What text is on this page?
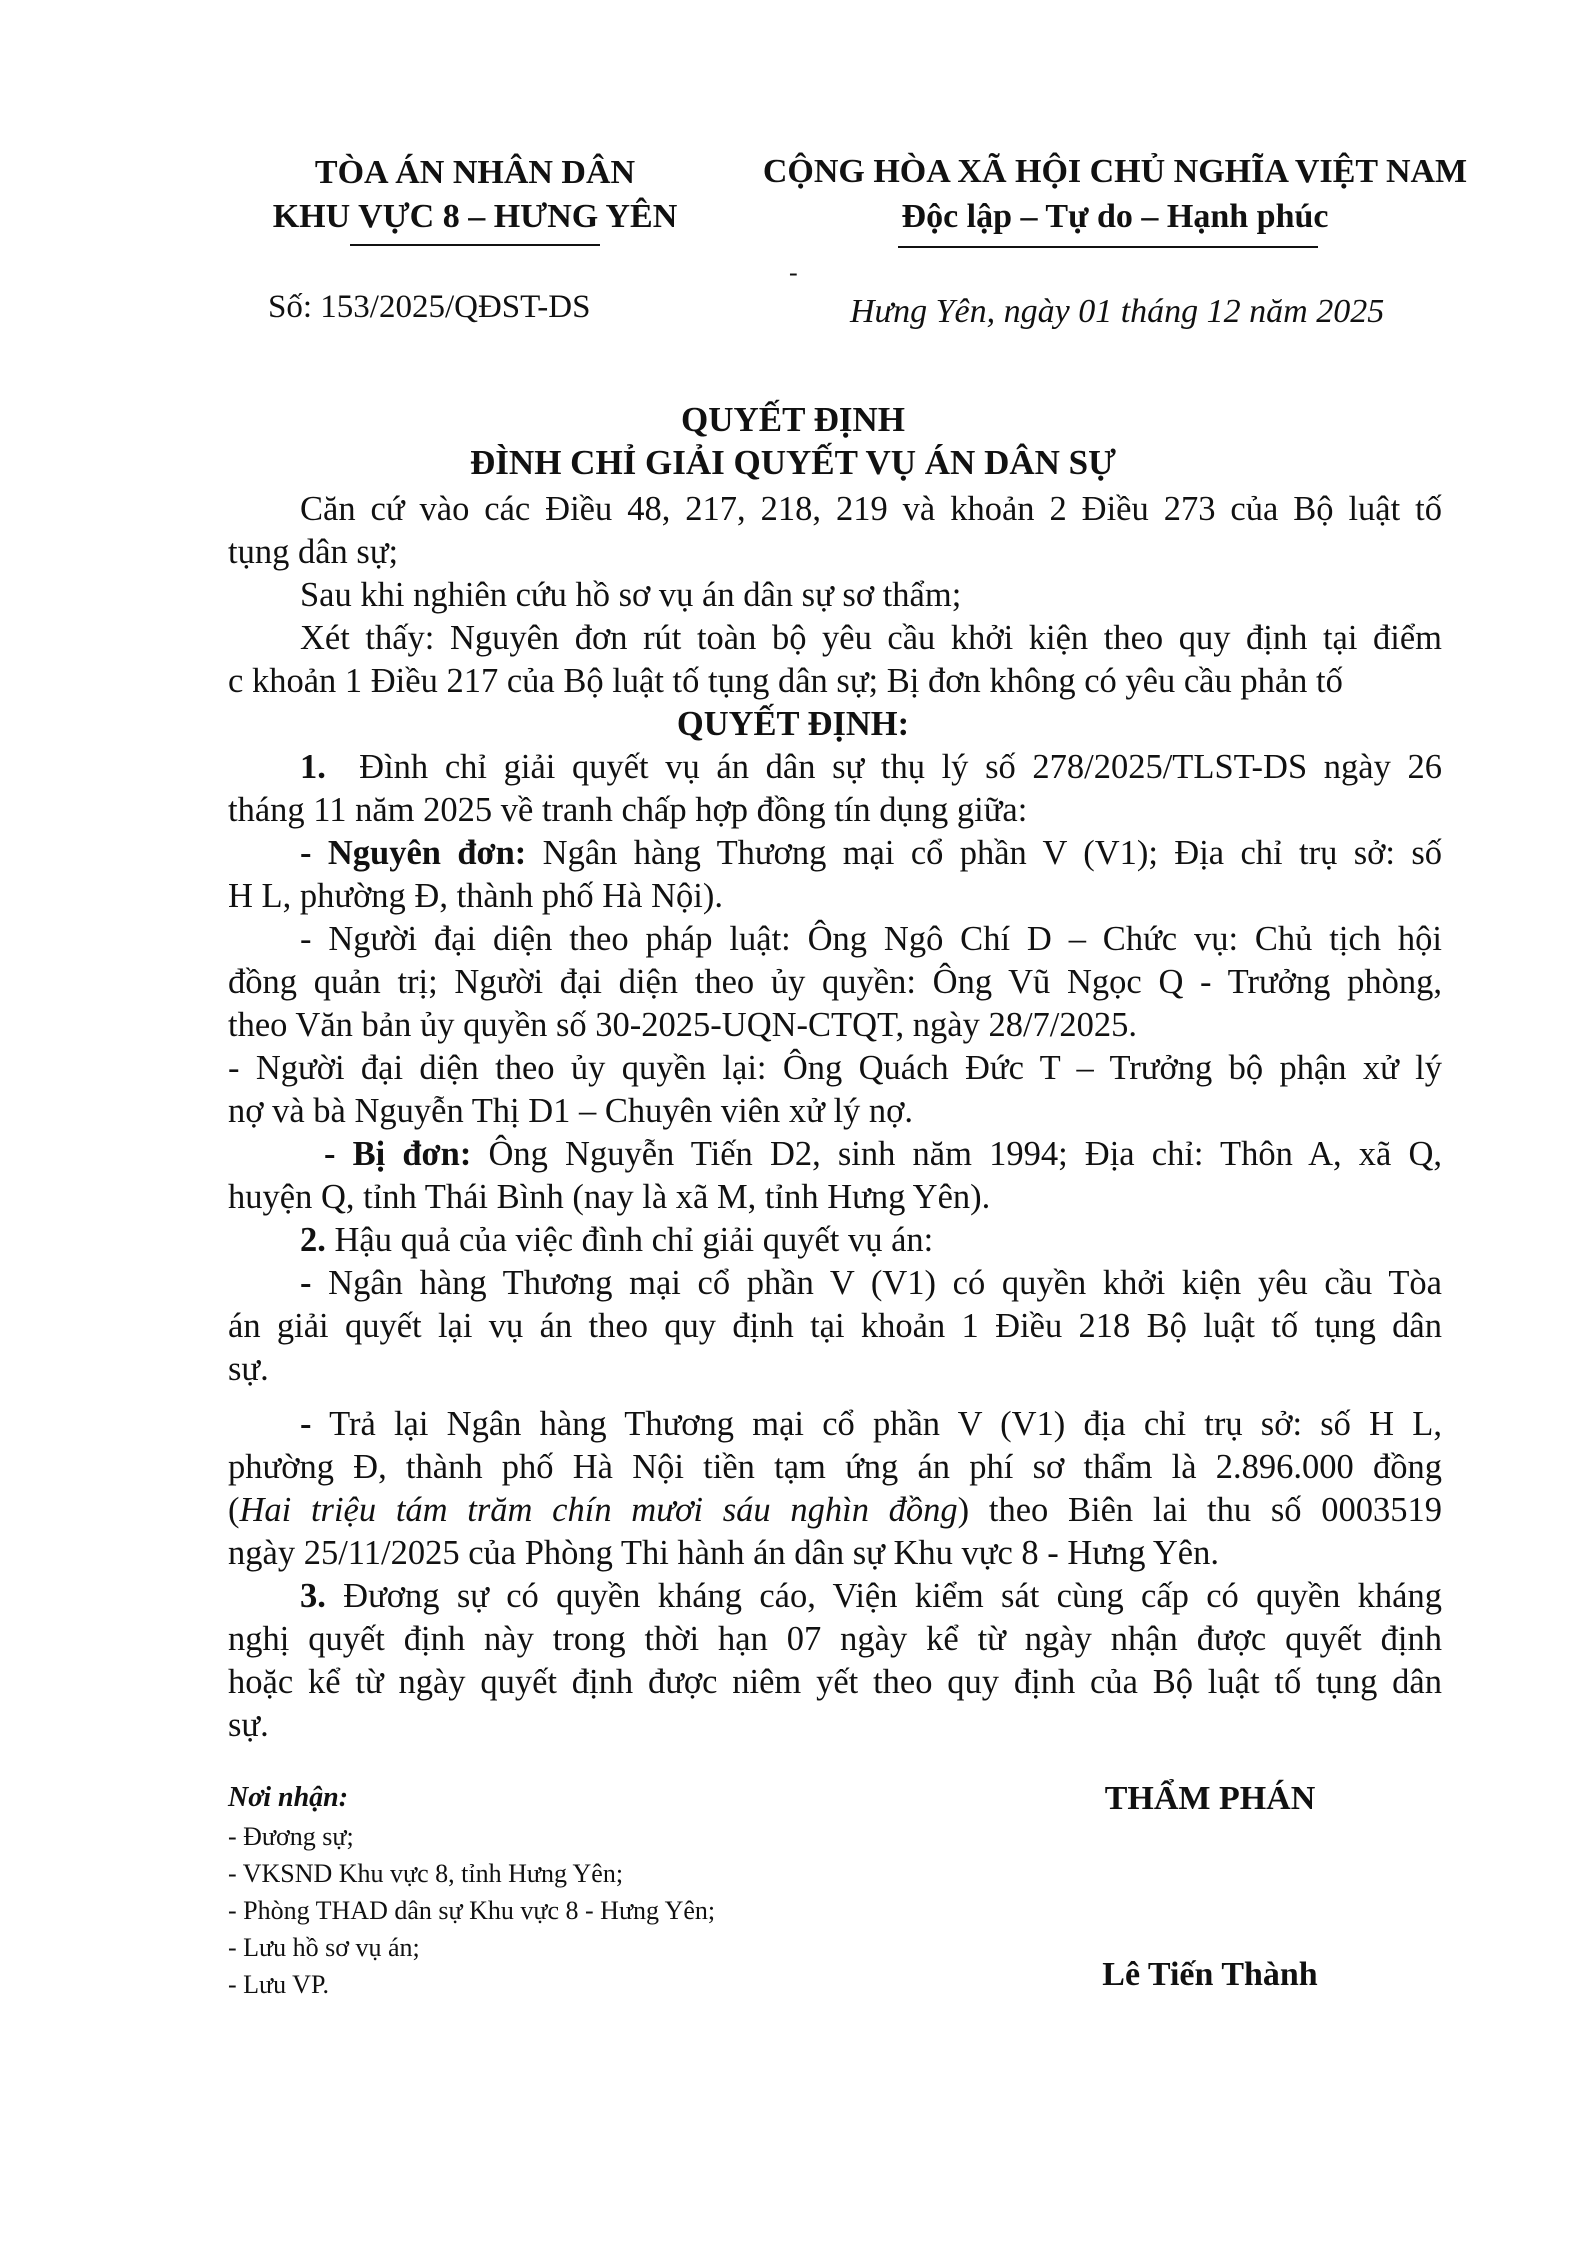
TÒA ÁN NHÂN DÂN
KHU VỰC 8 – HƯNG YÊN
Số: 153/2025/QĐST-DS
CỘNG HÒA XÃ HỘI CHỦ NGHĨA VIỆT NAM
Độc lập – Tự do – Hạnh phúc
-
Hưng Yên, ngày 01 tháng 12 năm 2025
QUYẾT ĐỊNH
ĐÌNH CHỈ GIẢI QUYẾT VỤ ÁN DÂN SỰ
Căn cứ vào các Điều 48, 217, 218, 219 và khoản 2 Điều 273 của Bộ luật tố
tụng dân sự;
Sau khi nghiên cứu hồ sơ vụ án dân sự sơ thẩm;
Xét thấy: Nguyên đơn rút toàn bộ yêu cầu khởi kiện theo quy định tại điểm
c khoản 1 Điều 217 của Bộ luật tố tụng dân sự; Bị đơn không có yêu cầu phản tố
QUYẾT ĐỊNH:
1. Đình chỉ giải quyết vụ án dân sự thụ lý số 278/2025/TLST-DS ngày 26
tháng 11 năm 2025 về tranh chấp hợp đồng tín dụng giữa:
- Nguyên đơn: Ngân hàng Thương mại cổ phần V (V1); Địa chỉ trụ sở: số
H L, phường Đ, thành phố Hà Nội).
- Người đại diện theo pháp luật: Ông Ngô Chí D – Chức vụ: Chủ tịch hội
đồng quản trị; Người đại diện theo ủy quyền: Ông Vũ Ngọc Q - Trưởng phòng,
theo Văn bản ủy quyền số 30-2025-UQN-CTQT, ngày 28/7/2025.
- Người đại diện theo ủy quyền lại: Ông Quách Đức T – Trưởng bộ phận xử lý
nợ và bà Nguyễn Thị D1 – Chuyên viên xử lý nợ.
- Bị đơn: Ông Nguyễn Tiến D2, sinh năm 1994; Địa chỉ: Thôn A, xã Q,
huyện Q, tỉnh Thái Bình (nay là xã M, tỉnh Hưng Yên).
2. Hậu quả của việc đình chỉ giải quyết vụ án:
- Ngân hàng Thương mại cổ phần V (V1) có quyền khởi kiện yêu cầu Tòa
án giải quyết lại vụ án theo quy định tại khoản 1 Điều 218 Bộ luật tố tụng dân
sự.
- Trả lại Ngân hàng Thương mại cổ phần V (V1) địa chỉ trụ sở: số H L,
phường Đ, thành phố Hà Nội tiền tạm ứng án phí sơ thẩm là 2.896.000 đồng
(Hai triệu tám trăm chín mươi sáu nghìn đồng) theo Biên lai thu số 0003519
ngày 25/11/2025 của Phòng Thi hành án dân sự Khu vực 8 - Hưng Yên.
3. Đương sự có quyền kháng cáo, Viện kiểm sát cùng cấp có quyền kháng
nghị quyết định này trong thời hạn 07 ngày kể từ ngày nhận được quyết định
hoặc kể từ ngày quyết định được niêm yết theo quy định của Bộ luật tố tụng dân
sự.
Nơi nhận:
- Đương sự;
- VKSND Khu vực 8, tỉnh Hưng Yên;
- Phòng THAD dân sự Khu vực 8 - Hưng Yên;
- Lưu hồ sơ vụ án;
- Lưu VP.
THẨM PHÁN
Lê Tiến Thành
